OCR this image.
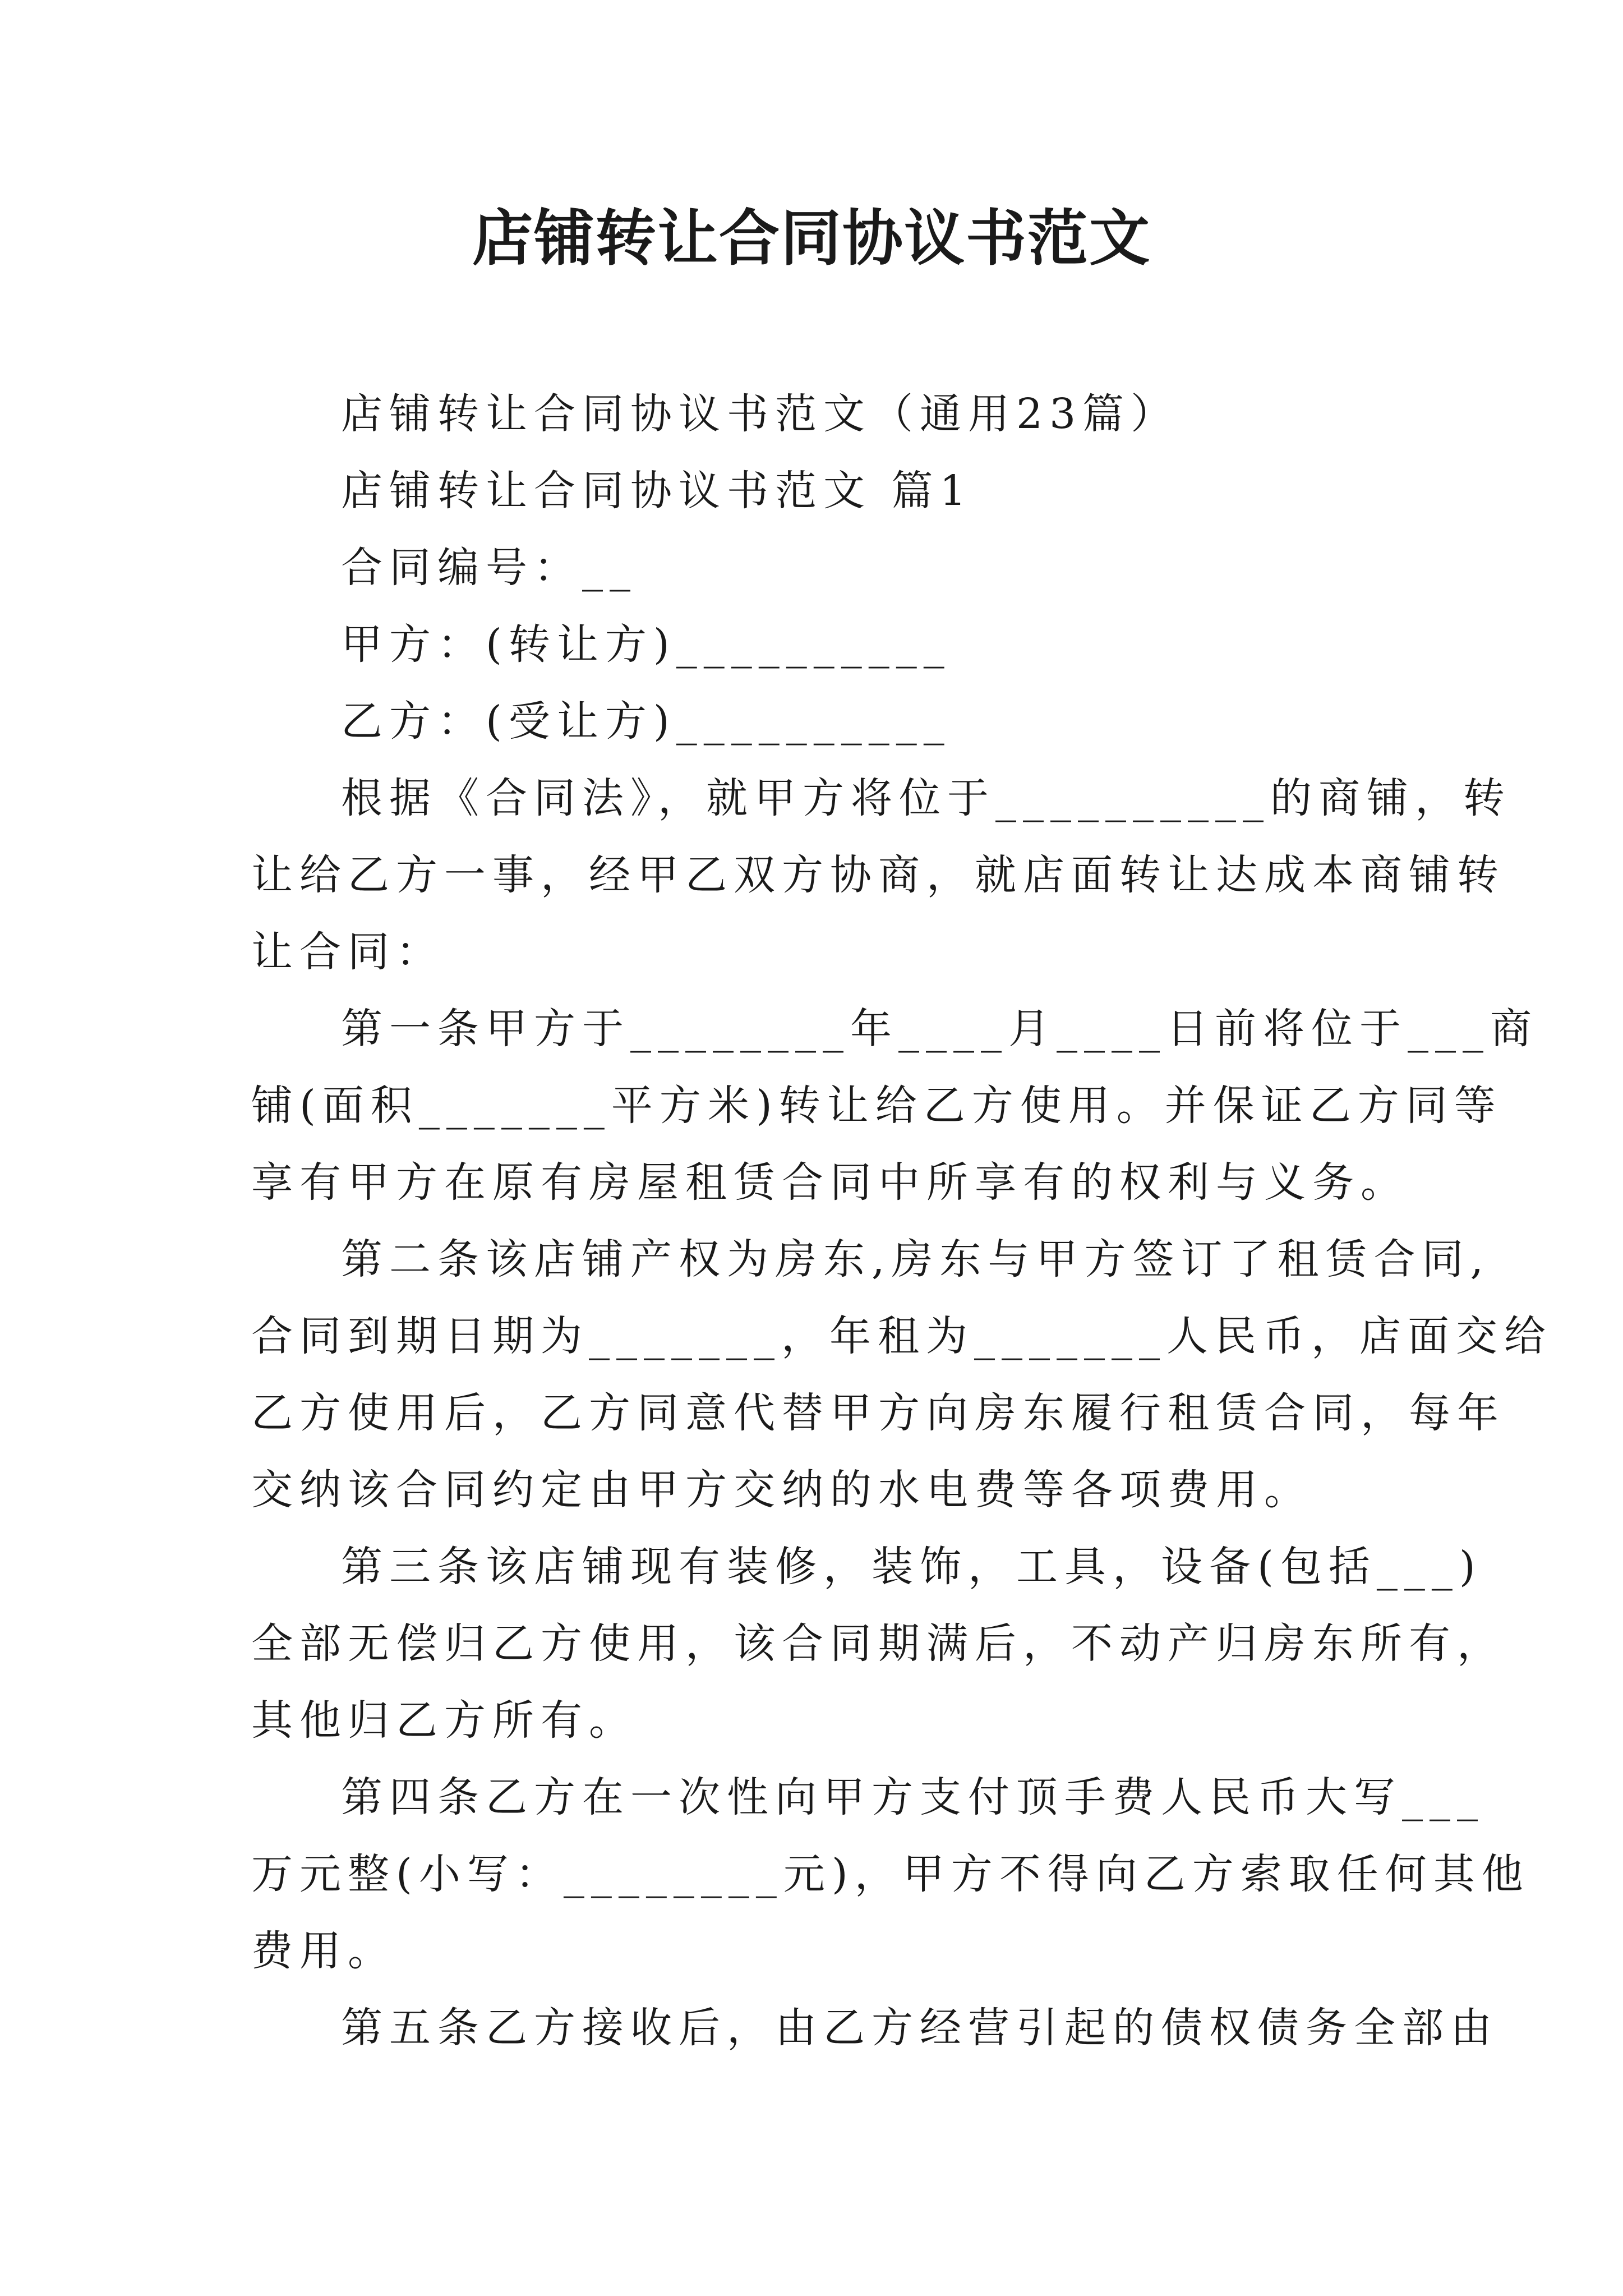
店铺转让合同协议书范文
店铺转让合同协议书范文（通用23篇）
店铺转让合同协议书范文 篇1
合同编号：__
甲方：(转让方)__________
乙方：(受让方)__________
根据《合同法》，就甲方将位于__________的商铺，转
让给乙方一事，经甲乙双方协商，就店面转让达成本商铺转
让合同：
第一条甲方于________年____月____日前将位于___商
铺(面积_______平方米)转让给乙方使用。并保证乙方同等
享有甲方在原有房屋租赁合同中所享有的权利与义务。
第二条该店铺产权为房东,房东与甲方签订了租赁合同,
合同到期日期为_______，年租为_______人民币，店面交给
乙方使用后，乙方同意代替甲方向房东履行租赁合同，每年
交纳该合同约定由甲方交纳的水电费等各项费用。
第三条该店铺现有装修，装饰，工具，设备(包括___)
全部无偿归乙方使用，该合同期满后，不动产归房东所有，
其他归乙方所有。
第四条乙方在一次性向甲方支付顶手费人民币大写___
万元整(小写：________元)，甲方不得向乙方索取任何其他
费用。
第五条乙方接收后，由乙方经营引起的债权债务全部由
